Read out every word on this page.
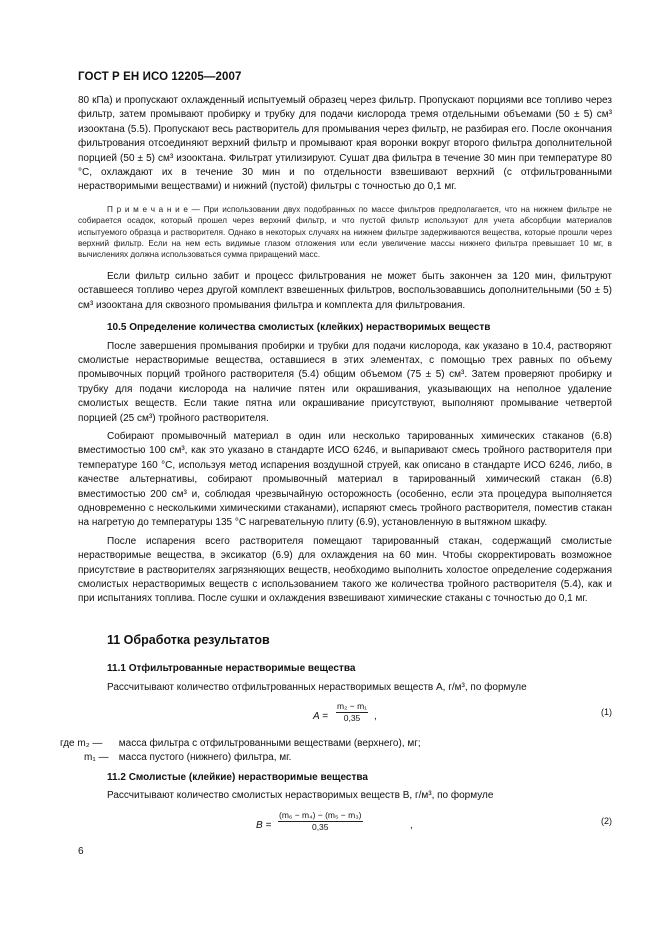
ГОСТ Р ЕН ИСО 12205—2007

80 кПа) и пропускают охлажденный испытуемый образец через фильтр. Пропускают порциями все топливо через фильтр, затем промывают пробирку и трубку для подачи кислорода тремя отдельными объемами (50 ± 5) см³ изооктана (5.5). Пропускают весь растворитель для промывания через фильтр, не разбирая его. После окончания фильтрования отсоединяют верхний фильтр и промывают края воронки вокруг второго фильтра дополнительной порцией (50 ± 5) см³ изооктана. Фильтрат утилизируют. Сушат два фильтра в течение 30 мин при температуре 80 °С, охлаждают их в течение 30 мин и по отдельности взвешивают верхний (с отфильтрованными нерастворимыми веществами) и нижний (пустой) фильтры с точностью до 0,1 мг.

П р и м е ч а н и е — При использовании двух подобранных по массе фильтров предполагается, что на нижнем фильтре не собирается осадок, который прошел через верхний фильтр, и что пустой фильтр используют для учета абсорбции материалов испытуемого образца и растворителя. Однако в некоторых случаях на нижнем фильтре задерживаются вещества, которые прошли через верхний фильтр. Если на нем есть видимые глазом отложения или если увеличение массы нижнего фильтра превышает 10 мг, в вычислениях должна использоваться сумма приращений масс.

Если фильтр сильно забит и процесс фильтрования не может быть закончен за 120 мин, фильтруют оставшееся топливо через другой комплект взвешенных фильтров, воспользовавшись дополнительными (50 ± 5) см³ изооктана для сквозного промывания фильтра и комплекта для фильтрования.

10.5 Определение количества смолистых (клейких) нерастворимых веществ

После завершения промывания пробирки и трубки для подачи кислорода, как указано в 10.4, растворяют смолистые нерастворимые вещества, оставшиеся в этих элементах, с помощью трех равных по объему промывочных порций тройного растворителя (5.4) общим объемом (75 ± 5) см³. Затем проверяют пробирку и трубку для подачи кислорода на наличие пятен или окрашивания, указывающих на неполное удаление смолистых веществ. Если такие пятна или окрашивание присутствуют, выполняют промывание четвертой порцией (25 см³) тройного растворителя.

Собирают промывочный материал в один или несколько тарированных химических стаканов (6.8) вместимостью 100 см³, как это указано в стандарте ИСО 6246, и выпаривают смесь тройного растворителя при температуре 160 °С, используя метод испарения воздушной струей, как описано в стандарте ИСО 6246, либо, в качестве альтернативы, собирают промывочный материал в тарированный химический стакан (6.8) вместимостью 200 см³ и, соблюдая чрезвычайную осторожность (особенно, если эта процедура выполняется одновременно с несколькими химическими стаканами), испаряют смесь тройного растворителя, поместив стакан на нагретую до температуры 135 °С нагревательную плиту (6.9), установленную в вытяжном шкафу.

После испарения всего растворителя помещают тарированный стакан, содержащий смолистые нерастворимые вещества, в эксикатор (6.9) для охлаждения на 60 мин. Чтобы скорректировать возможное присутствие в растворителях загрязняющих веществ, необходимо выполнить холостое определение содержания смолистых нерастворимых веществ с использованием такого же количества тройного растворителя (5.4), как и при испытаниях топлива. После сушки и охлаждения взвешивают химические стаканы с точностью до 0,1 мг.

11 Обработка результатов

11.1 Отфильтрованные нерастворимые вещества

Рассчитывают количество отфильтрованных нерастворимых веществ A, г/м³, по формуле

$A = \frac{\text{m₂ − m₁}}{0,35}$ ,	(1)
где m₂ — масса фильтра с отфильтрованными веществами (верхнего), мг;
m₁ — масса пустого (нижнего) фильтра, мг.

11.2 Смолистые (клейкие) нерастворимые вещества

Рассчитывают количество смолистых нерастворимых веществ B, г/м³, по формуле

$B = \frac{\text{(m₆ − m₄) − (m₅ − m₃)}}{0,35}$	,	(2)
6
